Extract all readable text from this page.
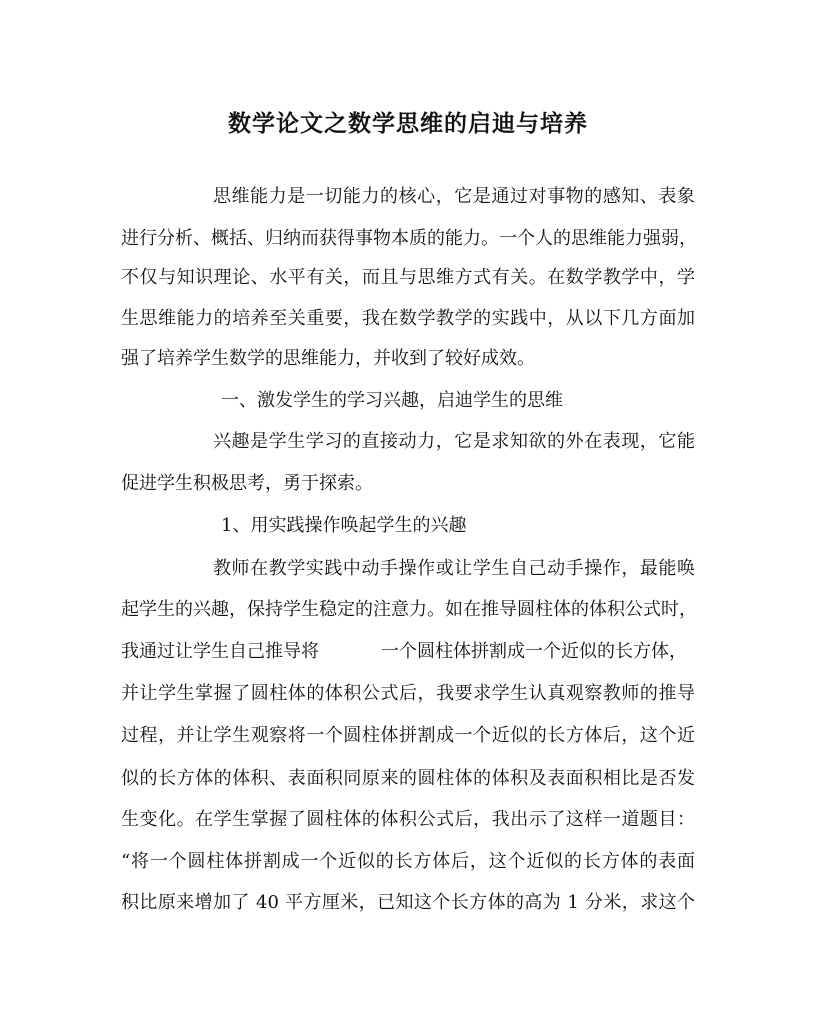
数学论文之数学思维的启迪与培养

思维能力是一切能力的核心，它是通过对事物的感知、表象

进行分析、概括、归纳而获得事物本质的能力。一个人的思维能力强弱，

不仅与知识理论、水平有关，而且与思维方式有关。在数学教学中，学

生思维能力的培养至关重要，我在数学教学的实践中，从以下几方面加

强了培养学生数学的思维能力，并收到了较好成效。

一、激发学生的学习兴趣，启迪学生的思维

兴趣是学生学习的直接动力，它是求知欲的外在表现，它能

促进学生积极思考，勇于探索。

1、用实践操作唤起学生的兴趣

教师在教学实践中动手操作或让学生自己动手操作，最能唤

起学生的兴趣，保持学生稳定的注意力。如在推导圆柱体的体积公式时，

我通过让学生自己推导将	一个圆柱体拼割成一个近似的长方体，

并让学生掌握了圆柱体的体积公式后，我要求学生认真观察教师的推导

过程，并让学生观察将一个圆柱体拼割成一个近似的长方体后，这个近

似的长方体的体积、表面积同原来的圆柱体的体积及表面积相比是否发

生变化。在学生掌握了圆柱体的体积公式后，我出示了这样一道题目：

“将一个圆柱体拼割成一个近似的长方体后，这个近似的长方体的表面

积比原来增加了 40 平方厘米，已知这个长方体的高为 1 分米，求这个
